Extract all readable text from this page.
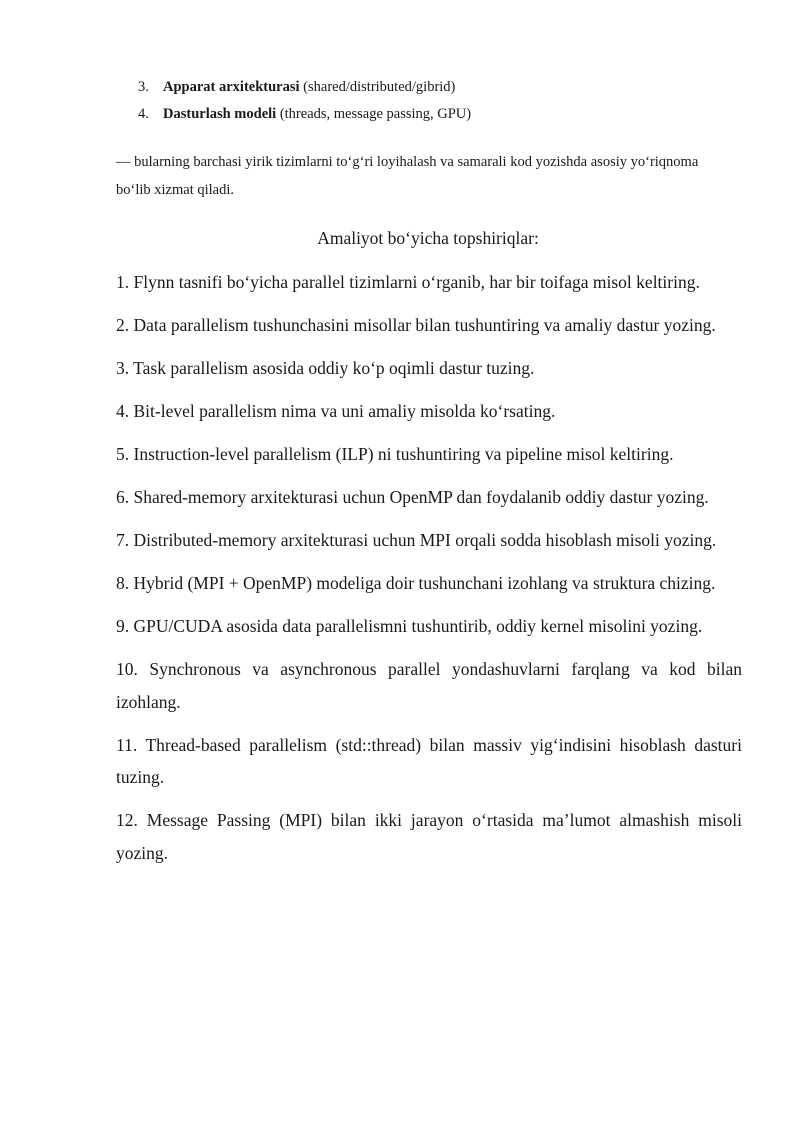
3. Apparat arxitekturasi (shared/distributed/gibrid)
4. Dasturlash modeli (threads, message passing, GPU)
— bularning barchasi yirik tizimlarni to‘g‘ri loyihalash va samarali kod yozishda asosiy yo‘riqnoma bo‘lib xizmat qiladi.
Amaliyot bo‘yicha topshiriqlar:

1. Flynn tasnifi bo‘yicha parallel tizimlarni o‘rganib, har bir toifaga misol keltiring.

2. Data parallelism tushunchasini misollar bilan tushuntiring va amaliy dastur yozing.

3. Task parallelism asosida oddiy ko‘p oqimli dastur tuzing.

4. Bit-level parallelism nima va uni amaliy misolda ko‘rsating.

5. Instruction-level parallelism (ILP) ni tushuntiring va pipeline misol keltiring.

6. Shared-memory arxitekturasi uchun OpenMP dan foydalanib oddiy dastur yozing.

7. Distributed-memory arxitekturasi uchun MPI orqali sodda hisoblash misoli yozing.

8. Hybrid (MPI + OpenMP) modeliga doir tushunchani izohlang va struktura chizing.

9. GPU/CUDA asosida data parallelismni tushuntirib, oddiy kernel misolini yozing.

10. Synchronous va asynchronous parallel yondashuvlarni farqlang va kod bilan izohlang.

11. Thread-based parallelism (std::thread) bilan massiv yig‘indisini hisoblash dasturi tuzing.

12. Message Passing (MPI) bilan ikki jarayon o‘rtasida ma’lumot almashish misoli yozing.
